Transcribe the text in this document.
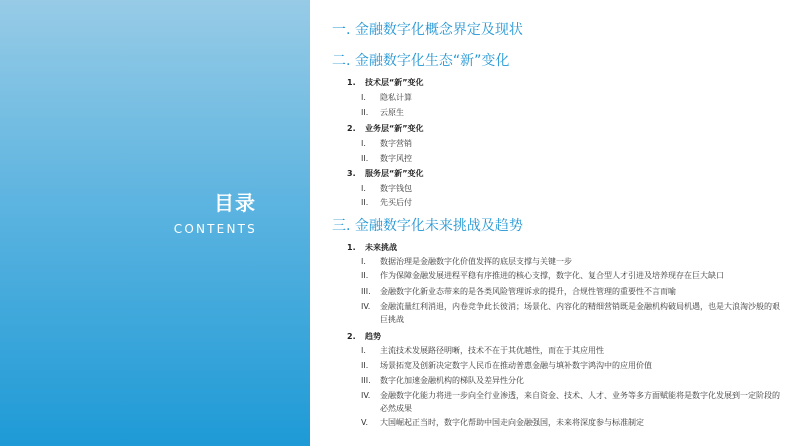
目录
CONTENTS
一. 金融数字化概念界定及现状
二. 金融数字化生态“新”变化
1. 技术层“新”变化
I.	隐私计算
II.	云原生
2. 业务层“新”变化
I.	数字营销
II.	数字风控
3. 服务层“新”变化
I.	数字钱包
II.	先买后付
三. 金融数字化未来挑战及趋势
1. 未来挑战
I.	数据治理是金融数字化价值发挥的底层支撑与关键一步
II.	作为保障金融发展进程平稳有序推进的核心支撑，数字化、复合型人才引进及培养现存在巨大缺口
III.	金融数字化新业态带来的是各类风险管理诉求的提升，合规性管理的重要性不言而喻
IV.	金融流量红利消退，内卷竞争此长彼消；场景化、内容化的精细营销既是金融机构破局机遇，也是大浪淘沙般的艰巨挑战
2. 趋势
I.	主流技术发展路径明晰，技术不在于其优越性，而在于其应用性
II.	场景拓宽及创新决定数字人民币在推动普惠金融与填补数字鸿沟中的应用价值
III.	数字化加速金融机构的梯队及差异性分化
IV.	金融数字化能力将进一步向全行业渗透，来自资金、技术、人才、业务等多方面赋能将是数字化发展到一定阶段的必然成果
V.	大国崛起正当时，数字化帮助中国走向金融强国，未来将深度参与标准制定
